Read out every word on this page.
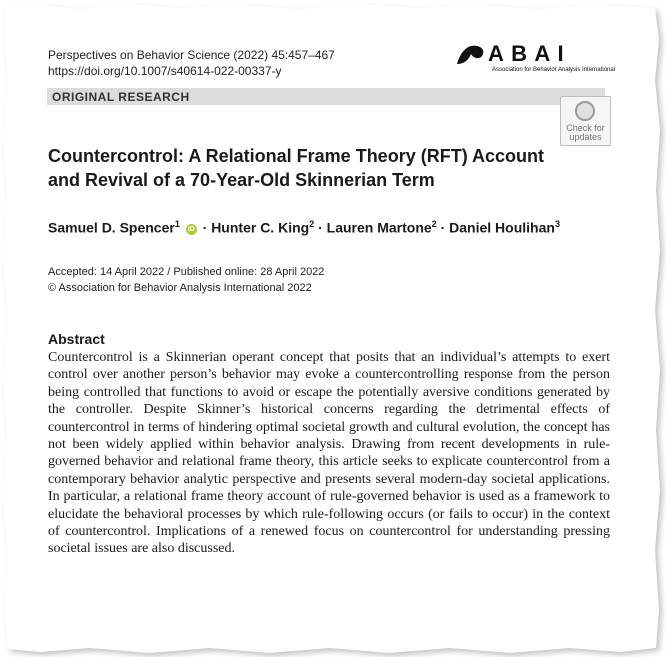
Perspectives on Behavior Science (2022) 45:457–467
https://doi.org/10.1007/s40614-022-00337-y
A B A I
Association for Behavior Analysis International
ORIGINAL RESEARCH
Check for
updates
Countercontrol: A Relational Frame Theory (RFT) Account and Revival of a 70-Year-Old Skinnerian Term
Samuel D. Spencer$^1$ iD · Hunter C. King$^2$ · Lauren Martone$^2$ · Daniel Houlihan$^3$
Accepted: 14 April 2022 / Published online: 28 April 2022
© Association for Behavior Analysis International 2022
Abstract
Countercontrol is a Skinnerian operant concept that posits that an individual’s attempts to exert control over another person’s behavior may evoke a countercontrolling response from the person being controlled that functions to avoid or escape the potentially aversive conditions generated by the controller. Despite Skinner’s historical concerns regarding the detrimental effects of countercontrol in terms of hindering optimal societal growth and cultural evolution, the concept has not been widely applied within behavior analysis. Drawing from recent developments in rule-governed behavior and relational frame theory, this article seeks to explicate countercontrol from a contemporary behavior analytic perspective and presents several modern-day societal applications. In particular, a relational frame theory account of rule-governed behavior is used as a framework to elucidate the behavioral processes by which rule-following occurs (or fails to occur) in the context of countercontrol. Implications of a renewed focus on countercontrol for understanding pressing societal issues are also discussed.
